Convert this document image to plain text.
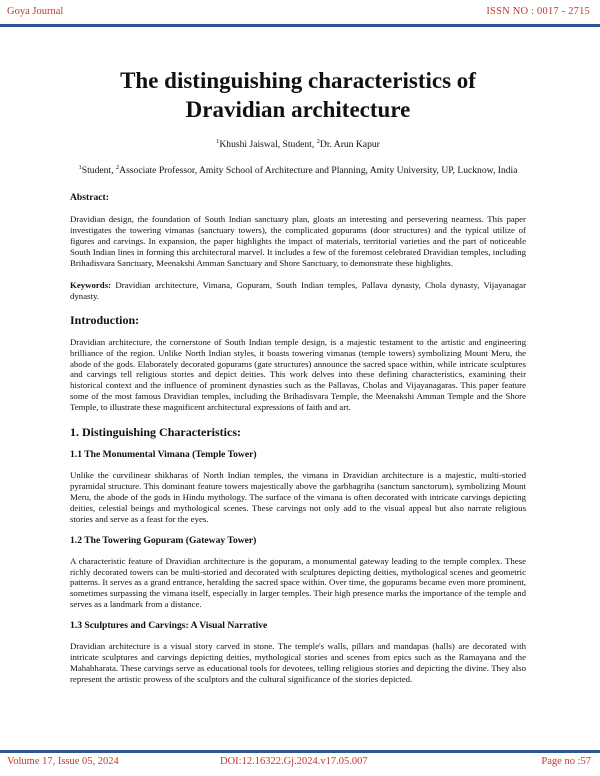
Goya Journal	ISSN NO : 0017 - 2715
The distinguishing characteristics of
Dravidian architecture
$^1$Khushi Jaiswal, Student, $^2$Dr. Arun Kapur
$^1$Student, $^2$Associate Professor, Amity School of Architecture and Planning, Amity University, UP, Lucknow, India
Abstract:

Dravidian design, the foundation of South Indian sanctuary plan, gloats an interesting and persevering nearness. This paper investigates the towering vimanas (sanctuary towers), the complicated gopurams (door structures) and the typical utilize of figures and carvings. In expansion, the paper highlights the impact of materials, territorial varieties and the part of noticeable South Indian lines in forming this architectural marvel. It includes a few of the foremost celebrated Dravidian temples, including Brihadisvara Sanctuary, Meenakshi Amman Sanctuary and Shore Sanctuary, to demonstrate these highlights.

Keywords: Dravidian architecture, Vimana, Gopuram, South Indian temples, Pallava dynasty, Chola dynasty, Vijayanagar dynasty.

Introduction:

Dravidian architecture, the cornerstone of South Indian temple design, is a majestic testament to the artistic and engineering brilliance of the region. Unlike North Indian styles, it boasts towering vimanas (temple towers) symbolizing Mount Meru, the abode of the gods. Elaborately decorated gopurams (gate structures) announce the sacred space within, while intricate sculptures and carvings tell religious stories and depict deities. This work delves into these defining characteristics, examining their historical context and the influence of prominent dynasties such as the Pallavas, Cholas and Vijayanagaras. This paper feature some of the most famous Dravidian temples, including the Brihadisvara Temple, the Meenakshi Amman Temple and the Shore Temple, to illustrate these magnificent architectural expressions of faith and art.

1. Distinguishing Characteristics:
1.1 The Monumental Vimana (Temple Tower)

Unlike the curvilinear shikharas of North Indian temples, the vimana in Dravidian architecture is a majestic, multi-storied pyramidal structure. This dominant feature towers majestically above the garbhagriha (sanctum sanctorum), symbolizing Mount Meru, the abode of the gods in Hindu mythology. The surface of the vimana is often decorated with intricate carvings depicting deities, celestial beings and mythological scenes. These carvings not only add to the visual appeal but also narrate religious stories and serve as a feast for the eyes.

1.2 The Towering Gopuram (Gateway Tower)

A characteristic feature of Dravidian architecture is the gopuram, a monumental gateway leading to the temple complex. These richly decorated towers can be multi-storied and decorated with sculptures depicting deities, mythological scenes and geometric patterns. It serves as a grand entrance, heralding the sacred space within. Over time, the gopurams became even more prominent, sometimes surpassing the vimana itself, especially in larger temples. Their high presence marks the importance of the temple and serves as a landmark from a distance.

1.3 Sculptures and Carvings: A Visual Narrative

Dravidian architecture is a visual story carved in stone. The temple's walls, pillars and mandapas (halls) are decorated with intricate sculptures and carvings depicting deities, mythological stories and scenes from epics such as the Ramayana and the Mahabharata. These carvings serve as educational tools for devotees, telling religious stories and depicting the divine. They also represent the artistic prowess of the sculptors and the cultural significance of the stories depicted.

Volume 17, Issue 05, 2024	DOI:12.16322.Gj.2024.v17.05.007	Page no :57
